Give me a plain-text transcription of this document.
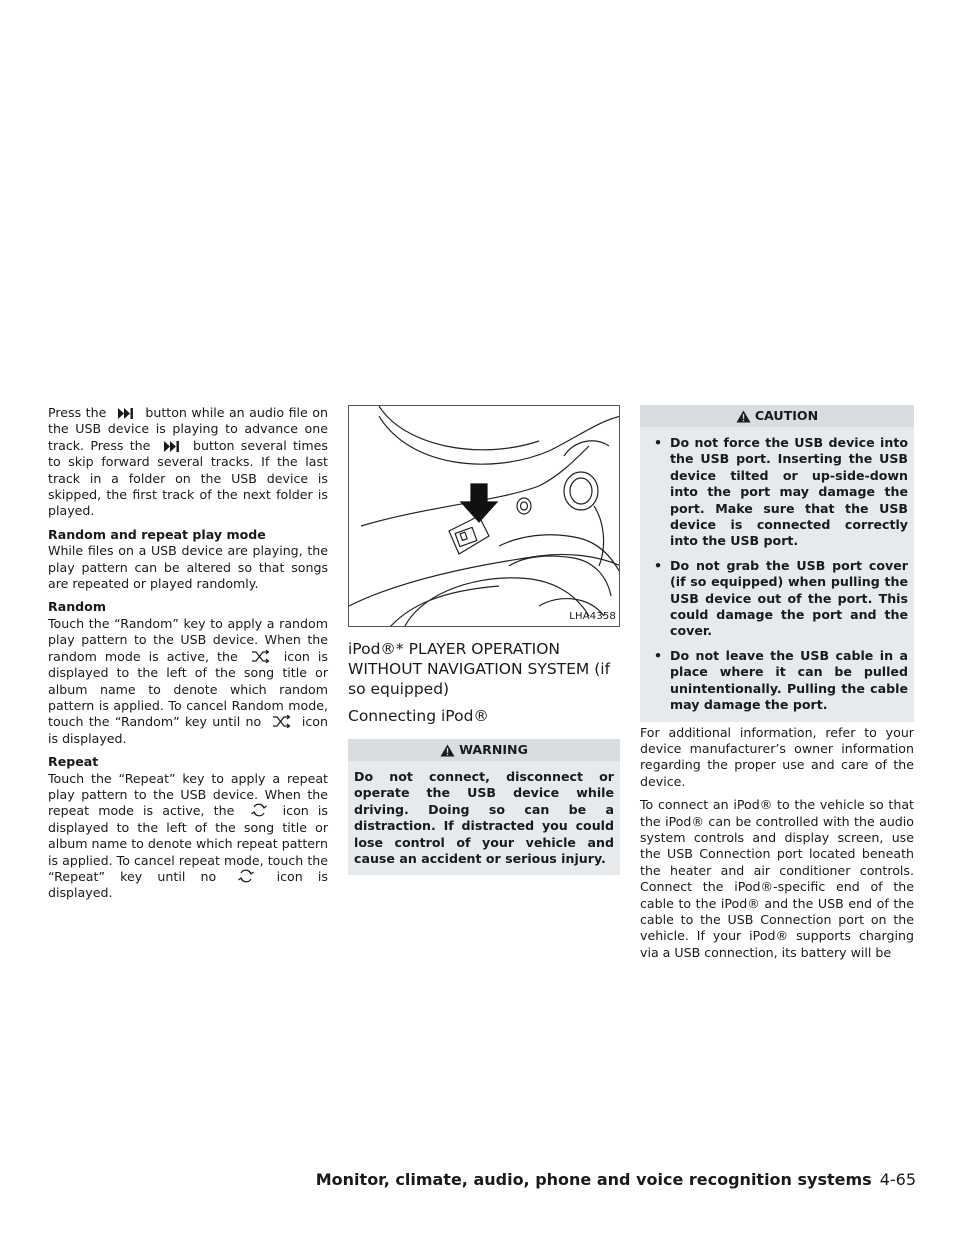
Press the	button while an audio file on the USB device is playing to advance one track. Press the	button several times to skip forward several tracks. If the last track in a folder on the USB device is skipped, the first track of the next folder is played.

Random and repeat play mode

While files on a USB device are playing, the play pattern can be altered so that songs are repeated or played randomly.

Random

Touch the “Random” key to apply a random play pattern to the USB device. When the random mode is active, the	icon is displayed to the left of the song title or album name to denote which random pattern is applied. To cancel Random mode, touch the “Random” key until no	icon is displayed.

Repeat

Touch the “Repeat” key to apply a repeat play pattern to the USB device. When the repeat mode is active, the	icon is displayed to the left of the song title or album name to denote which repeat pattern is applied. To cancel repeat mode, touch the “Repeat” key until no	icon is displayed.

LHA4358
iPod®* PLAYER OPERATION WITHOUT NAVIGATION SYSTEM (if so equipped)
Connecting iPod®
WARNING

Do not connect, disconnect or operate the USB device while driving. Doing so can be a distraction. If distracted you could lose control of your vehicle and cause an accident or serious injury.

CAUTION
• Do not force the USB device into the USB port. Inserting the USB device tilted or up-side-down into the port may damage the port. Make sure that the USB device is connected correctly into the USB port.
• Do not grab the USB port cover (if so equipped) when pulling the USB device out of the port. This could damage the port and the cover.
• Do not leave the USB cable in a place where it can be pulled unintentionally. Pulling the cable may damage the port.

For additional information, refer to your device manufacturer’s owner information regarding the proper use and care of the device.

To connect an iPod® to the vehicle so that the iPod® can be controlled with the audio system controls and display screen, use the USB Connection port located beneath the heater and air conditioner controls. Connect the iPod®-specific end of the cable to the iPod® and the USB end of the cable to the USB Connection port on the vehicle. If your iPod® supports charging via a USB connection, its battery will be

Monitor, climate, audio, phone and voice recognition systems 4-65
